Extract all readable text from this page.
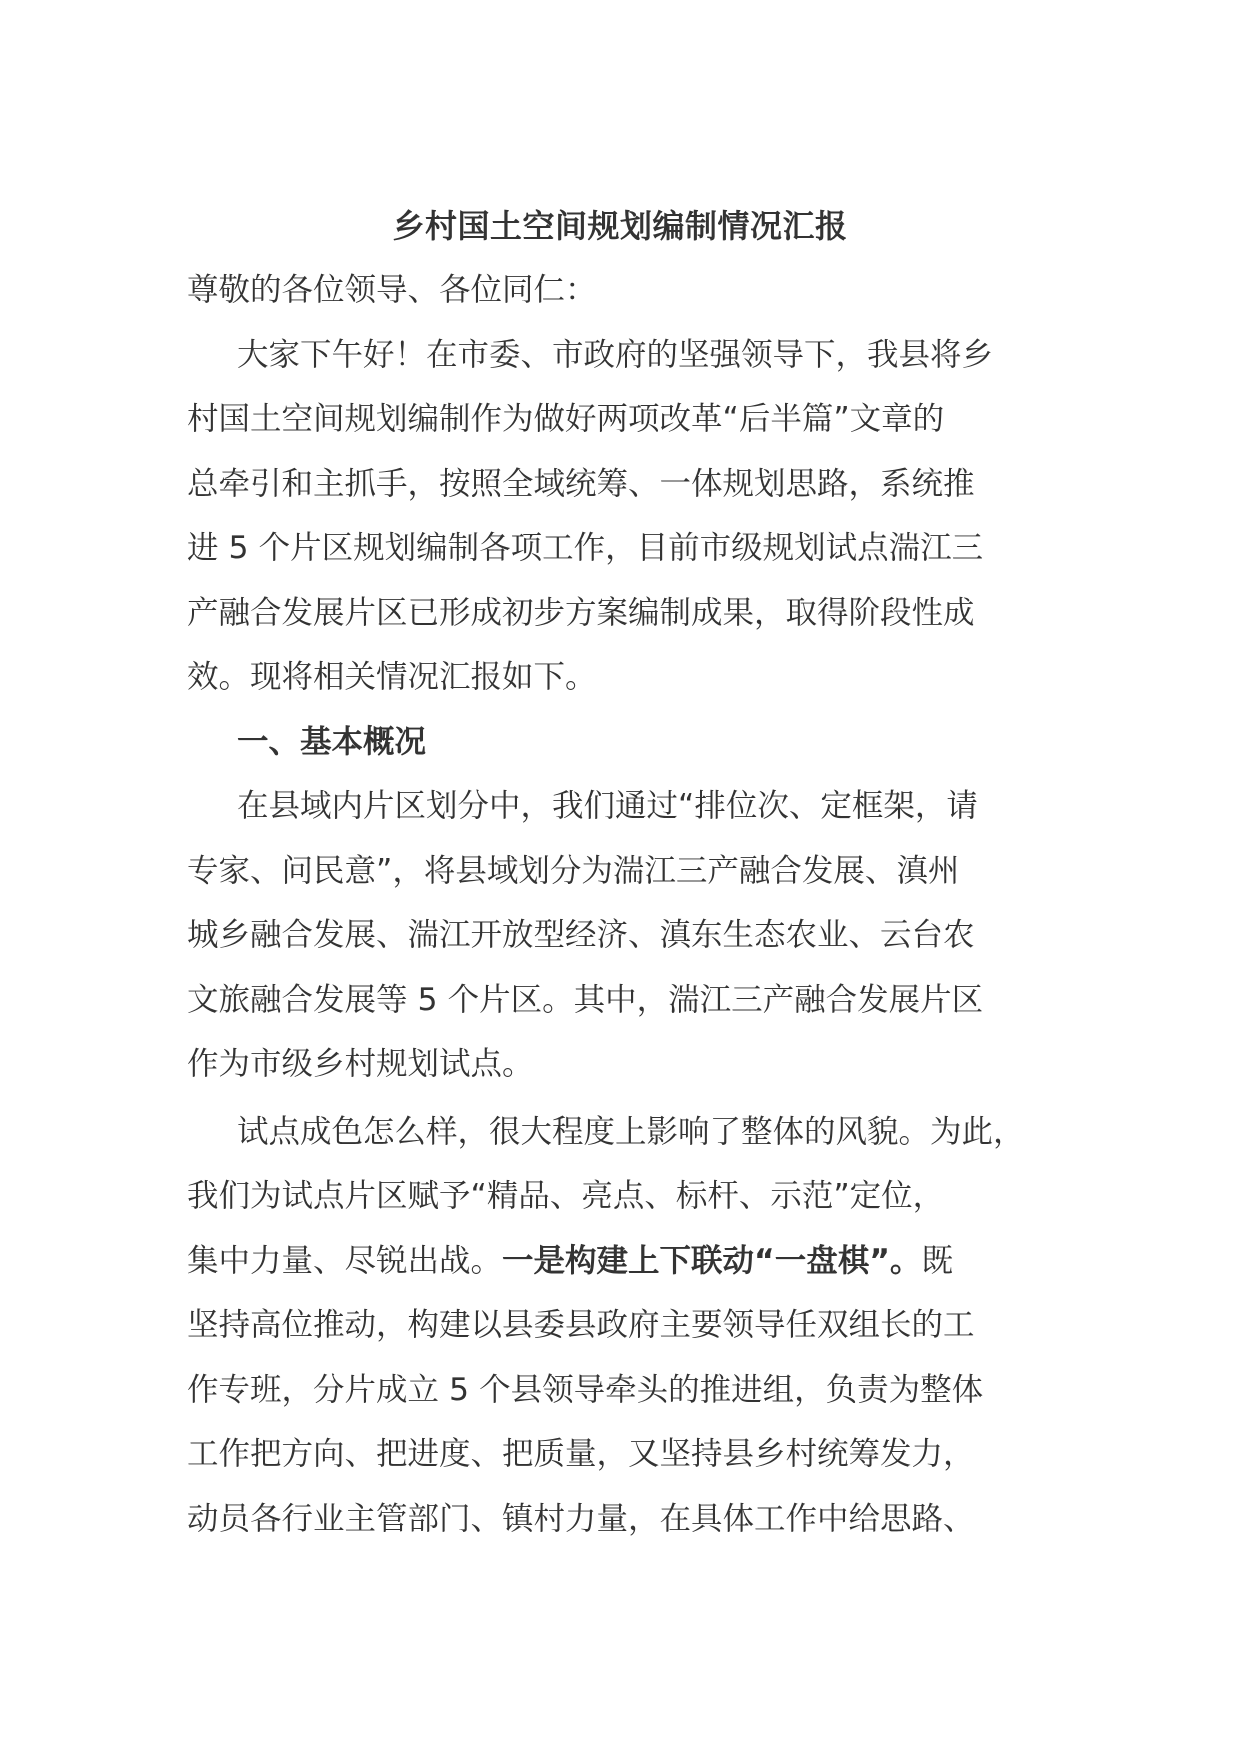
乡村国土空间规划编制情况汇报
尊敬的各位领导、各位同仁：
大家下午好！在市委、市政府的坚强领导下，我县将乡
村国土空间规划编制作为做好两项改革“后半篇”文章的
总牵引和主抓手，按照全域统筹、一体规划思路，系统推
进 5 个片区规划编制各项工作，目前市级规划试点湍江三
产融合发展片区已形成初步方案编制成果，取得阶段性成
效。现将相关情况汇报如下。
一、基本概况
在县域内片区划分中，我们通过“排位次、定框架，请
专家、问民意”，将县域划分为湍江三产融合发展、滇州
城乡融合发展、湍江开放型经济、滇东生态农业、云台农
文旅融合发展等 5 个片区。其中，湍江三产融合发展片区
作为市级乡村规划试点。
试点成色怎么样，很大程度上影响了整体的风貌。为此，
我们为试点片区赋予“精品、亮点、标杆、示范”定位，
集中力量、尽锐出战。一是构建上下联动“一盘棋”。既
坚持高位推动，构建以县委县政府主要领导任双组长的工
作专班，分片成立 5 个县领导牵头的推进组，负责为整体
工作把方向、把进度、把质量，又坚持县乡村统筹发力，
动员各行业主管部门、镇村力量，在具体工作中给思路、
